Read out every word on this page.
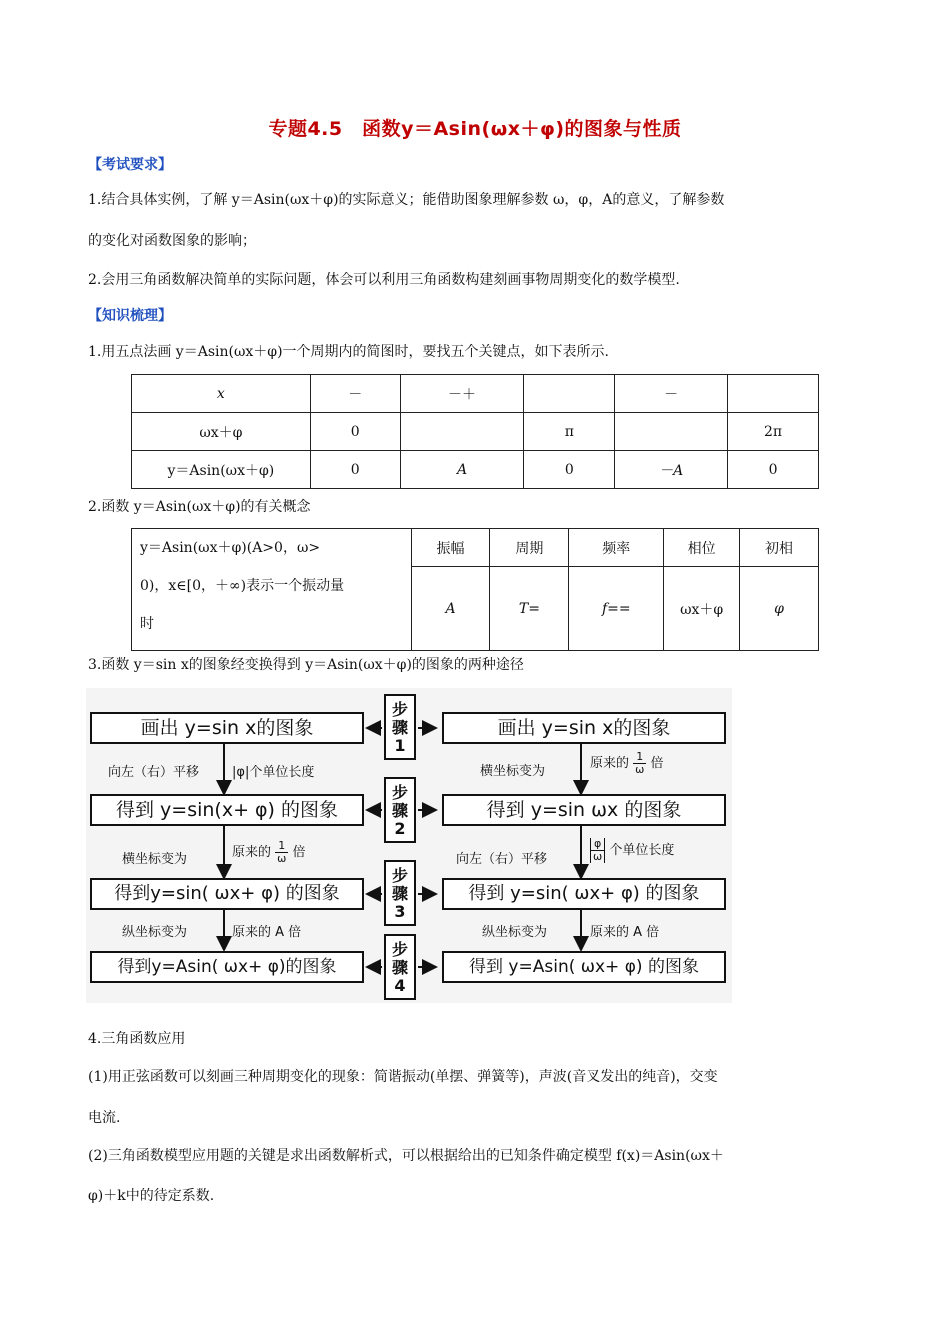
专题4.5　函数y＝Asin(ωx＋φ)的图象与性质
【考试要求】
1.结合具体实例，了解 y＝Asin(ωx＋φ)的实际意义；能借助图象理解参数 ω，φ，A的意义，了解参数
的变化对函数图象的影响；
2.会用三角函数解决简单的实际问题，体会可以利用三角函数构建刻画事物周期变化的数学模型.
【知识梳理】
1.用五点法画 y＝Asin(ωx＋φ)一个周期内的简图时，要找五个关键点，如下表所示.
x	－	－＋		－	
ωx＋φ	0		π		2π
y＝Asin(ωx＋φ)	0	A	0	－A	0
2.函数 y＝Asin(ωx＋φ)的有关概念
y＝Asin(ωx＋φ)(A>0，ω>
0)，x∈[0，＋∞)表示一个振动量
时	振幅	周期	频率	相位	初相
	A	T=	f==	ωx＋φ	φ
3.函数 y＝sin x的图象经变换得到 y＝Asin(ωx＋φ)的图象的两种途径
画出 y=sin x的图象
得到 y=sin(x+ φ) 的图象
得到y=sin( ωx+ φ) 的图象
得到y=Asin( ωx+ φ)的图象
画出 y=sin x的图象
得到 y=sin ωx 的图象
得到 y=sin( ωx+ φ) 的图象
得到 y=Asin( ωx+ φ) 的图象
步
骤
1
步
骤
2
步
骤
3
步
骤
4
向左（右）平移	|φ|个单位长度
横坐标变为	原来的 $\frac{1}{\omega}$ 倍
纵坐标变为	原来的 A 倍
横坐标变为
原来的 $\frac{1}{\omega}$ 倍
向左（右）平移	$\frac{\varphi}{\omega}$ 个单位长度
纵坐标变为	原来的 A 倍
4.三角函数应用
(1)用正弦函数可以刻画三种周期变化的现象：简谐振动(单摆、弹簧等)，声波(音叉发出的纯音)，交变
电流.
(2)三角函数模型应用题的关键是求出函数解析式，可以根据给出的已知条件确定模型 f(x)＝Asin(ωx＋
φ)＋k中的待定系数.
